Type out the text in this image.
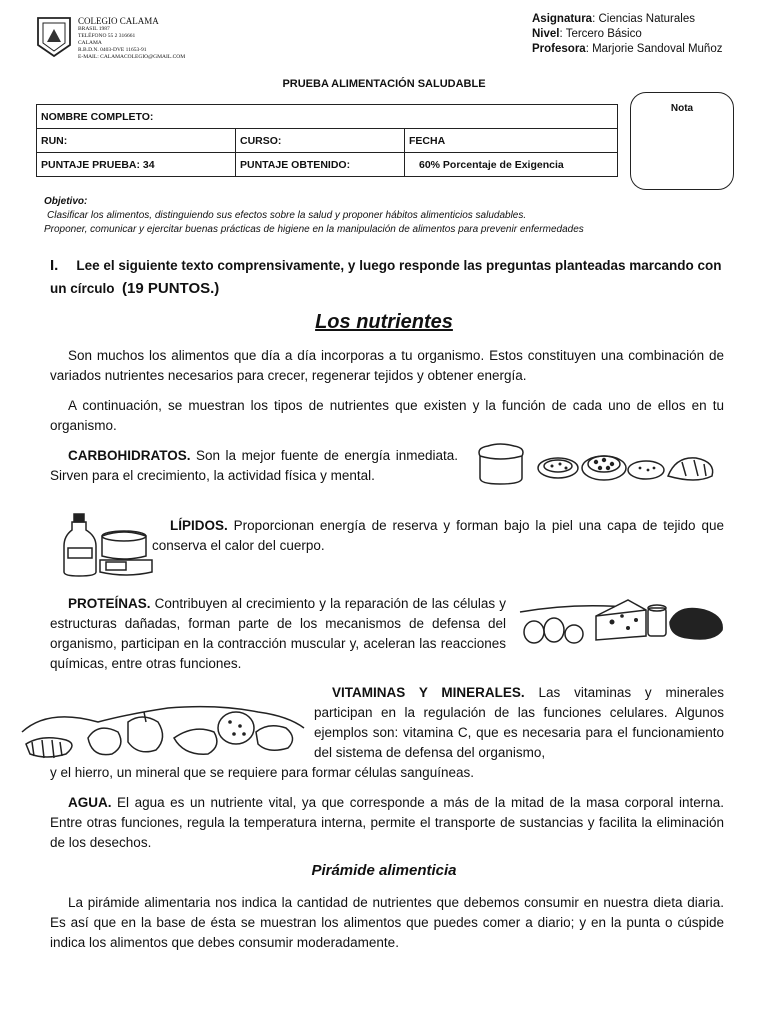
COLEGIO CALAMA
BRASIL 1987
TELÉFONO 55 2 316661
CALAMA
R.B.D.N. 0403-DVE 11653-91
E-MAIL: CALAMACOLEGIO@GMAIL.COM
Asignatura: Ciencias Naturales
Nivel: Tercero Básico
Profesora: Marjorie Sandoval Muñoz
PRUEBA ALIMENTACIÓN SALUDABLE
NOMBRE COMPLETO:		
RUN:	CURSO:	FECHA
PUNTAJE PRUEBA: 34	PUNTAJE OBTENIDO:	60% Porcentaje de Exigencia
Nota
Objetivo:
Clasificar los alimentos, distinguiendo sus efectos sobre la salud y proponer hábitos alimenticios saludables.
Proponer, comunicar y ejercitar buenas prácticas de higiene en la manipulación de alimentos para prevenir enfermedades
I. Lee el siguiente texto comprensivamente, y luego responde las preguntas planteadas marcando con un círculo (19 PUNTOS.)
Los nutrientes
Son muchos los alimentos que día a día incorporas a tu organismo. Estos constituyen una combinación de variados nutrientes necesarios para crecer, regenerar tejidos y obtener energía.
A continuación, se muestran los tipos de nutrientes que existen y la función de cada uno de ellos en tu organismo.
CARBOHIDRATOS. Son la mejor fuente de energía inmediata. Sirven para el crecimiento, la actividad física y mental.
LÍPIDOS. Proporcionan energía de reserva y forman bajo la piel una capa de tejido que conserva el calor del cuerpo.
PROTEÍNAS. Contribuyen al crecimiento y la reparación de las células y estructuras dañadas, forman parte de los mecanismos de defensa del organismo, participan en la contracción muscular y, aceleran las reacciones químicas, entre otras funciones.
VITAMINAS Y MINERALES. Las vitaminas y minerales participan en la regulación de las funciones celulares. Algunos ejemplos son: vitamina C, que es necesaria para el funcionamiento del sistema de defensa del organismo,
y el hierro, un mineral que se requiere para formar células sanguíneas.
AGUA. El agua es un nutriente vital, ya que corresponde a más de la mitad de la masa corporal interna. Entre otras funciones, regula la temperatura interna, permite el transporte de sustancias y facilita la eliminación de los desechos.
Pirámide alimenticia
La pirámide alimentaria nos indica la cantidad de nutrientes que debemos consumir en nuestra dieta diaria. Es así que en la base de ésta se muestran los alimentos que puedes comer a diario; y en la punta o cúspide indica los alimentos que debes consumir moderadamente.
